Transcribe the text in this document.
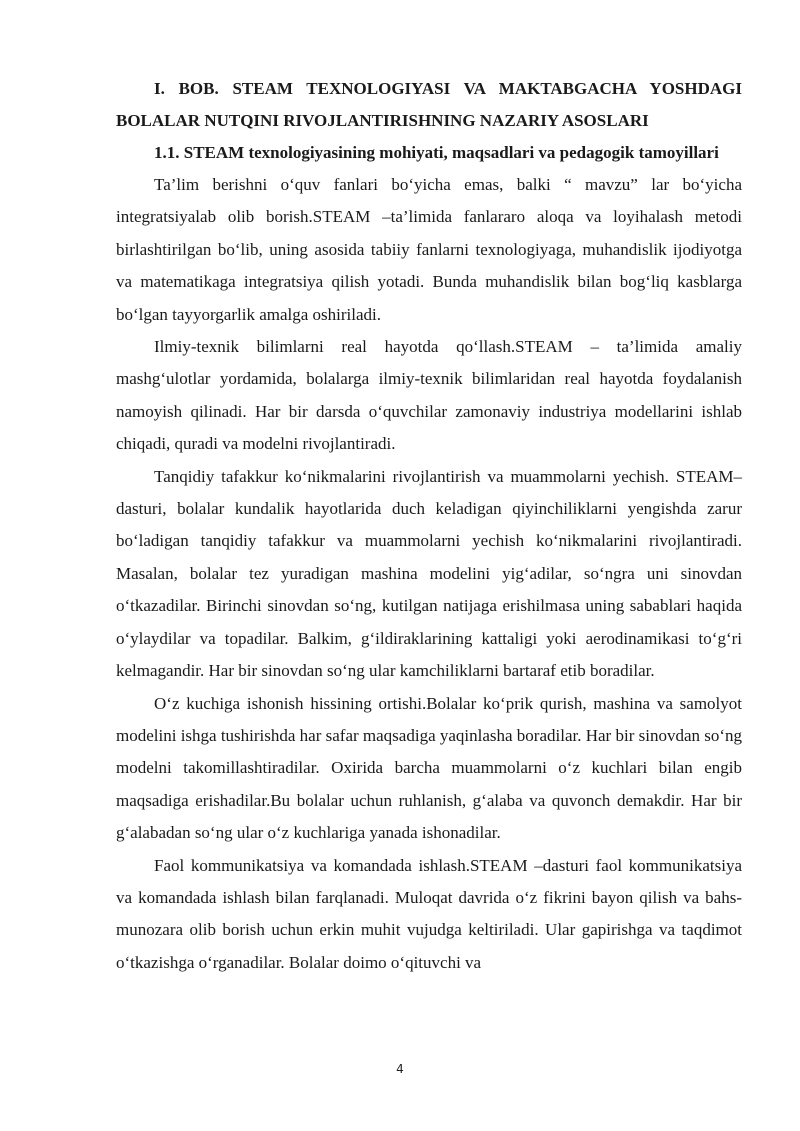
I. BOB. STEAM TEXNOLOGIYASI VA MAKTABGACHA YOSHDAGI BOLALAR NUTQINI RIVOJLANTIRISHNING NAZARIY ASOSLARI

1.1. STEAM texnologiyasining mohiyati, maqsadlari va pedagogik tamoyillari

Ta’lim berishni o‘quv fanlari bo‘yicha emas, balki “ mavzu” lar bo‘yicha integratsiyalab olib borish.STEAM –ta’limida fanlararo aloqa va loyihalash metodi birlashtirilgan bo‘lib, uning asosida tabiiy fanlarni texnologiyaga, muhandislik ijodiyotga va matematikaga integratsiya qilish yotadi. Bunda muhandislik bilan bog‘liq kasblarga bo‘lgan tayyorgarlik amalga oshiriladi.

Ilmiy-texnik bilimlarni real hayotda qo‘llash.STEAM – ta’limida amaliy mashg‘ulotlar yordamida, bolalarga ilmiy-texnik bilimlaridan real hayotda foydalanish namoyish qilinadi. Har bir darsda o‘quvchilar zamonaviy industriya modellarini ishlab chiqadi, quradi va modelni rivojlantiradi.

Tanqidiy tafakkur ko‘nikmalarini rivojlantirish va muammolarni yechish. STEAM–dasturi, bolalar kundalik hayotlarida duch keladigan qiyinchiliklarni yengishda zarur bo‘ladigan tanqidiy tafakkur va muammolarni yechish ko‘nikmalarini rivojlantiradi. Masalan, bolalar tez yuradigan mashina modelini yig‘adilar, so‘ngra uni sinovdan o‘tkazadilar. Birinchi sinovdan so‘ng, kutilgan natijaga erishilmasa uning sabablari haqida o‘ylaydilar va topadilar. Balkim, g‘ildiraklarining kattaligi yoki aerodinamikasi to‘g‘ri kelmagandir. Har bir sinovdan so‘ng ular kamchiliklarni bartaraf etib boradilar.

O‘z kuchiga ishonish hissining ortishi.Bolalar ko‘prik qurish, mashina va samolyot modelini ishga tushirishda har safar maqsadiga yaqinlasha boradilar. Har bir sinovdan so‘ng modelni takomillashtiradilar. Oxirida barcha muammolarni o‘z kuchlari bilan engib maqsadiga erishadilar.Bu bolalar uchun ruhlanish, g‘alaba va quvonch demakdir. Har bir g‘alabadan so‘ng ular o‘z kuchlariga yanada ishonadilar.

Faol kommunikatsiya va komandada ishlash.STEAM –dasturi faol kommunikatsiya va komandada ishlash bilan farqlanadi. Muloqat davrida o‘z fikrini bayon qilish va bahs- munozara olib borish uchun erkin muhit vujudga keltiriladi. Ular gapirishga va taqdimot o‘tkazishga o‘rganadilar. Bolalar doimo o‘qituvchi va

4
